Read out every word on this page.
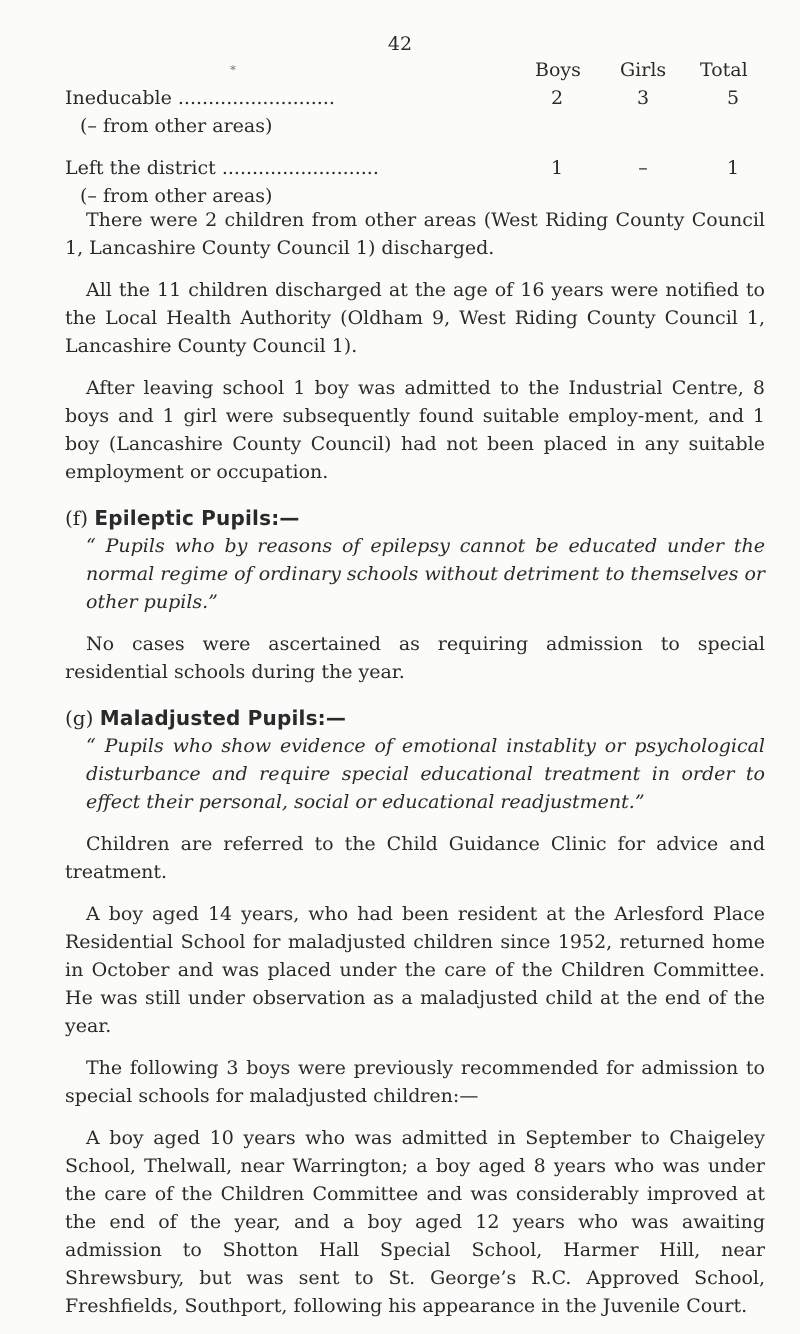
42
*	Boys Girls Total
Ineducable ..........................	2	3	5
(– from other areas)
Left the district ..........................	1	–	1
(– from other areas)

There were 2 children from other areas (West Riding County Council 1, Lancashire County Council 1) discharged.

All the 11 children discharged at the age of 16 years were notified to the Local Health Authority (Oldham 9, West Riding County Council 1, Lancashire County Council 1).

After leaving school 1 boy was admitted to the Industrial Centre, 8 boys and 1 girl were subsequently found suitable employ-ment, and 1 boy (Lancashire County Council) had not been placed in any suitable employment or occupation.

(f) Epileptic Pupils:—
“ Pupils who by reasons of epilepsy cannot be educated under the normal regime of ordinary schools without detriment to themselves or other pupils.”

No cases were ascertained as requiring admission to special residential schools during the year.

(g) Maladjusted Pupils:—
“ Pupils who show evidence of emotional instablity or psychological disturbance and require special educational treatment in order to effect their personal, social or educational readjustment.”

Children are referred to the Child Guidance Clinic for advice and treatment.

A boy aged 14 years, who had been resident at the Arlesford Place Residential School for maladjusted children since 1952, returned home in October and was placed under the care of the Children Committee. He was still under observation as a maladjusted child at the end of the year.

The following 3 boys were previously recommended for admission to special schools for maladjusted children:—

A boy aged 10 years who was admitted in September to Chaigeley School, Thelwall, near Warrington; a boy aged 8 years who was under the care of the Children Committee and was considerably improved at the end of the year, and a boy aged 12 years who was awaiting admission to Shotton Hall Special School, Harmer Hill, near Shrewsbury, but was sent to St. George’s R.C. Approved School, Freshfields, Southport, following his appearance in the Juvenile Court.
